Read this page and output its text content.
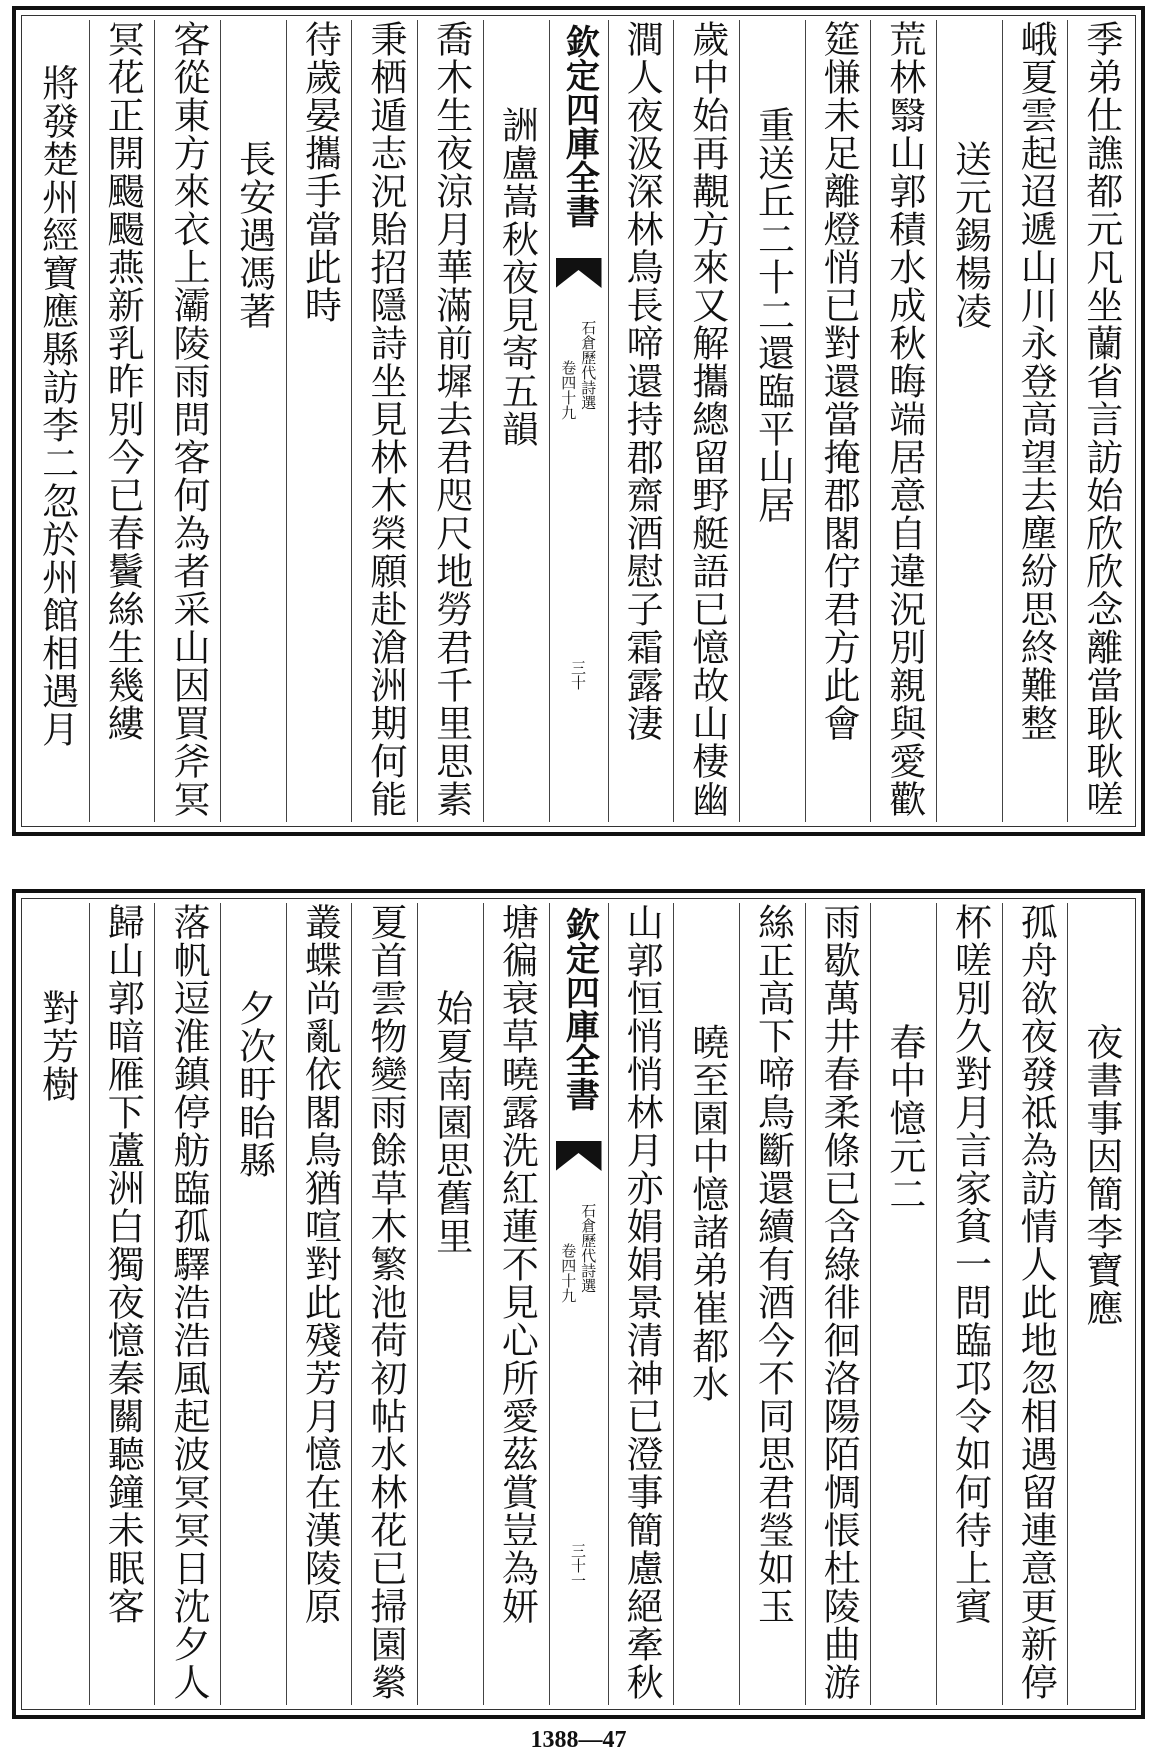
季弟仕譙都元凡坐蘭省言訪始欣欣念離當耿耿嗟
峨夏雲起迢遞山川永登高望去塵紛思終難整
送元錫楊凌
荒林翳山郭積水成秋晦端居意自違況別親與愛歡
筵慊未足離燈悄已對還當掩郡閣佇君方此會
重送丘二十二還臨平山居
歲中始再覯方來又解攜總留野艇語已憶故山棲幽
澗人夜汲深林鳥長啼還持郡齋酒慰子霜露淒
欽定四庫全書
石倉歷代詩選
卷四十九
三十
詶盧嵩秋夜見寄五韻
喬木生夜涼月華滿前墀去君咫尺地勞君千里思素
秉栖遁志況貽招隱詩坐見林木榮願赴滄洲期何能
待歲晏攜手當此時
長安遇馮著
客從東方來衣上灞陵雨問客何為者采山因買斧冥
冥花正開颺颺燕新乳昨別今已春鬢絲生幾縷
將發楚州經寶應縣訪李二忽於州館相遇月
夜書事因簡李寶應
孤舟欲夜發祗為訪情人此地忽相遇留連意更新停
杯嗟別久對月言家貧一問臨邛令如何待上賓
春中憶元二
雨歇萬井春柔條已含綠徘徊洛陽陌惆悵杜陵曲游
絲正高下啼鳥斷還續有酒今不同思君瑩如玉
曉至園中憶諸弟崔都水
山郭恒悄悄林月亦娟娟景清神已澄事簡慮絕牽秋
欽定四庫全書
石倉歷代詩選
卷四十九
三十一
塘徧衰草曉露洗紅蓮不見心所愛茲賞豈為妍
始夏南園思舊里
夏首雲物變雨餘草木繁池荷初帖水林花已掃園縈
叢蝶尚亂依閣鳥猶喧對此殘芳月憶在漢陵原
夕次盱眙縣
落帆逗淮鎮停舫臨孤驛浩浩風起波冥冥日沈夕人
歸山郭暗雁下蘆洲白獨夜憶秦關聽鐘未眠客
對芳樹
1388—47
